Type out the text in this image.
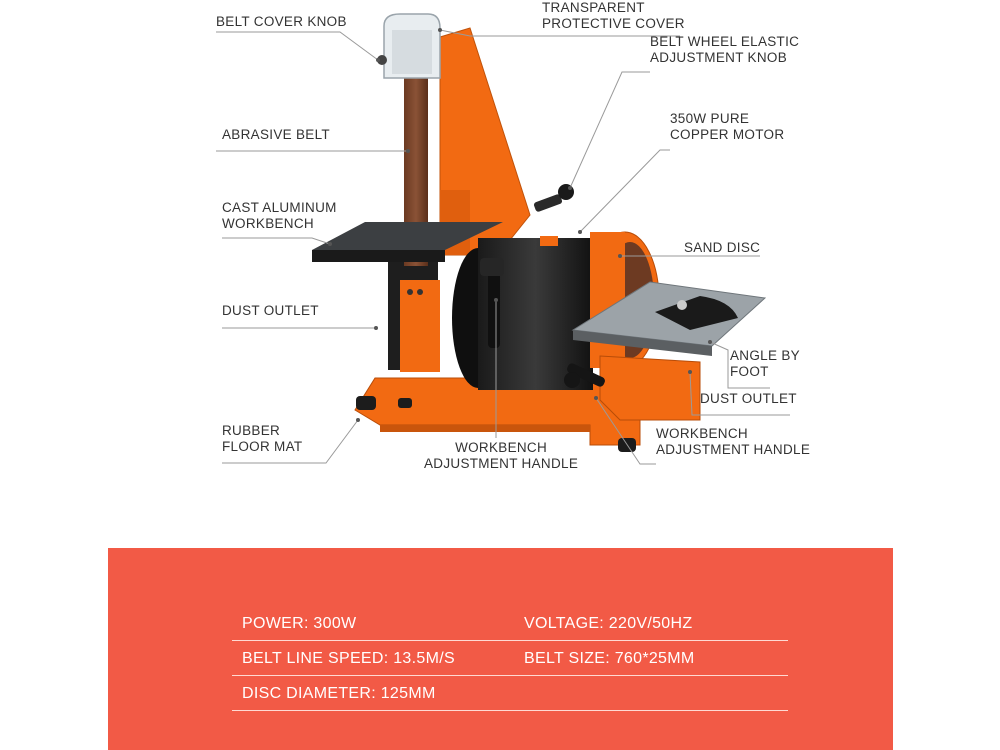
BELT COVER KNOB
TRANSPARENT
PROTECTIVE COVER
BELT WHEEL ELASTIC
ADJUSTMENT KNOB
ABRASIVE BELT
350W PURE
COPPER MOTOR
CAST ALUMINUM
WORKBENCH
SAND DISC
DUST OUTLET
ANGLE BY
FOOT
DUST OUTLET
RUBBER
FLOOR MAT	WORKBENCH
ADJUSTMENT HANDLE
WORKBENCH
ADJUSTMENT HANDLE
POWER: 300W	VOLTAGE: 220V/50HZ
BELT LINE SPEED: 13.5M/S	BELT SIZE: 760*25MM
DISC DIAMETER: 125MM
